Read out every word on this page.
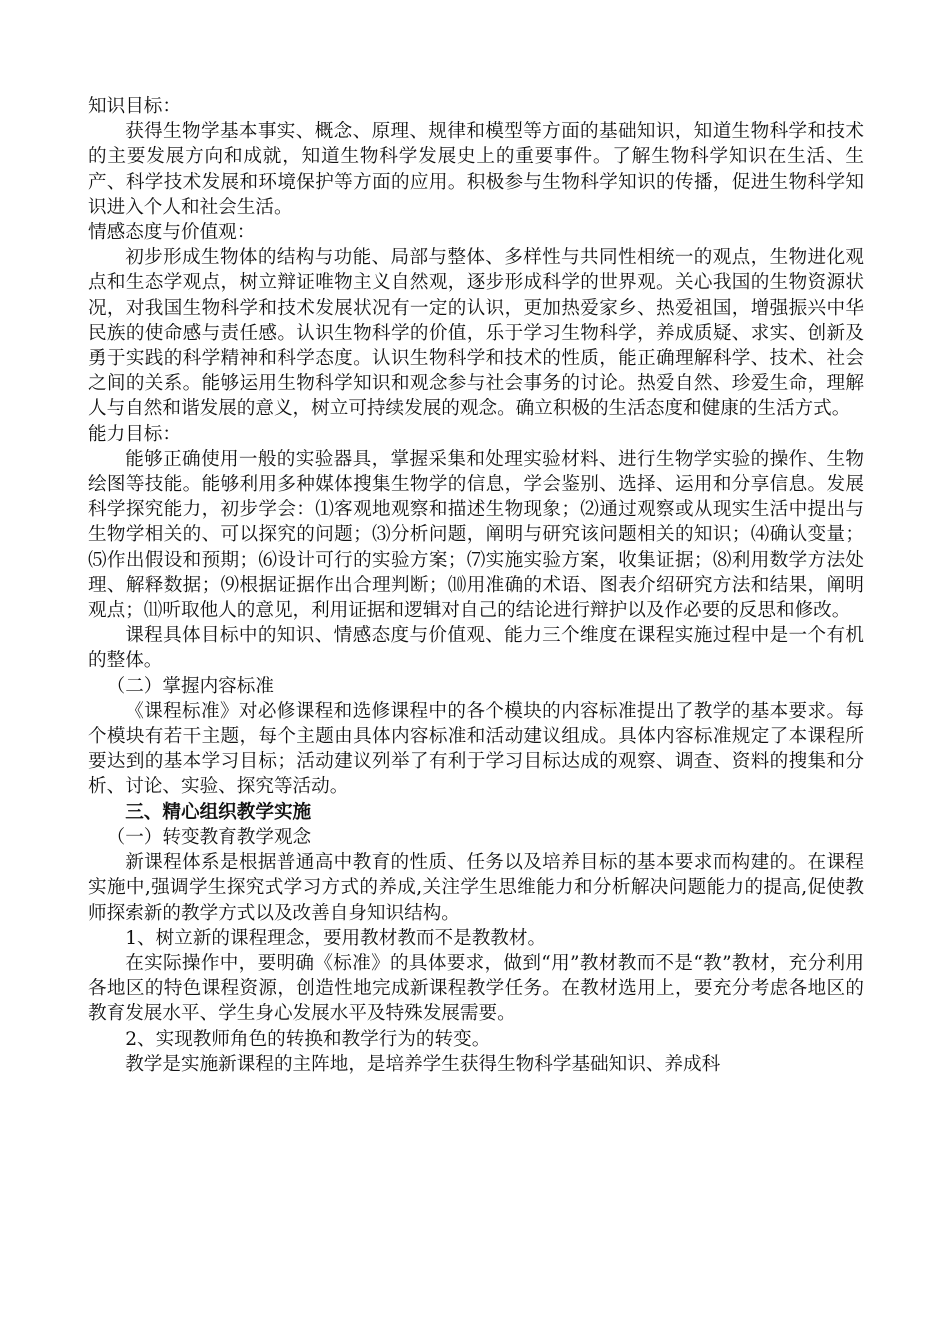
知识目标：

获得生物学基本事实、概念、原理、规律和模型等方面的基础知识，知道生物科学和技术的主要发展方向和成就，知道生物科学发展史上的重要事件。了解生物科学知识在生活、生产、科学技术发展和环境保护等方面的应用。积极参与生物科学知识的传播，促进生物科学知识进入个人和社会生活。

情感态度与价值观：

初步形成生物体的结构与功能、局部与整体、多样性与共同性相统一的观点，生物进化观点和生态学观点，树立辩证唯物主义自然观，逐步形成科学的世界观。关心我国的生物资源状况，对我国生物科学和技术发展状况有一定的认识，更加热爱家乡、热爱祖国，增强振兴中华民族的使命感与责任感。认识生物科学的价值，乐于学习生物科学，养成质疑、求实、创新及勇于实践的科学精神和科学态度。认识生物科学和技术的性质，能正确理解科学、技术、社会之间的关系。能够运用生物科学知识和观念参与社会事务的讨论。热爱自然、珍爱生命，理解人与自然和谐发展的意义，树立可持续发展的观念。确立积极的生活态度和健康的生活方式。

能力目标：

能够正确使用一般的实验器具，掌握采集和处理实验材料、进行生物学实验的操作、生物绘图等技能。能够利用多种媒体搜集生物学的信息，学会鉴别、选择、运用和分享信息。发展科学探究能力，初步学会：⑴客观地观察和描述生物现象；⑵通过观察或从现实生活中提出与生物学相关的、可以探究的问题；⑶分析问题，阐明与研究该问题相关的知识；⑷确认变量；⑸作出假设和预期；⑹设计可行的实验方案；⑺实施实验方案，收集证据；⑻利用数学方法处理、解释数据；⑼根据证据作出合理判断；⑽用准确的术语、图表介绍研究方法和结果，阐明观点；⑾听取他人的意见，利用证据和逻辑对自己的结论进行辩护以及作必要的反思和修改。

课程具体目标中的知识、情感态度与价值观、能力三个维度在课程实施过程中是一个有机的整体。

（二）掌握内容标准

《课程标准》对必修课程和选修课程中的各个模块的内容标准提出了教学的基本要求。每个模块有若干主题，每个主题由具体内容标准和活动建议组成。具体内容标准规定了本课程所要达到的基本学习目标；活动建议列举了有利于学习目标达成的观察、调查、资料的搜集和分析、讨论、实验、探究等活动。

三、精心组织教学实施

（一）转变教育教学观念

新课程体系是根据普通高中教育的性质、任务以及培养目标的基本要求而构建的。在课程实施中,强调学生探究式学习方式的养成,关注学生思维能力和分析解决问题能力的提高,促使教师探索新的教学方式以及改善自身知识结构。

1、树立新的课程理念，要用教材教而不是教教材。

在实际操作中，要明确《标准》的具体要求，做到“用”教材教而不是“教”教材，充分利用各地区的特色课程资源，创造性地完成新课程教学任务。在教材选用上，要充分考虑各地区的教育发展水平、学生身心发展水平及特殊发展需要。

2、实现教师角色的转换和教学行为的转变。

教学是实施新课程的主阵地，是培养学生获得生物科学基础知识、养成科
